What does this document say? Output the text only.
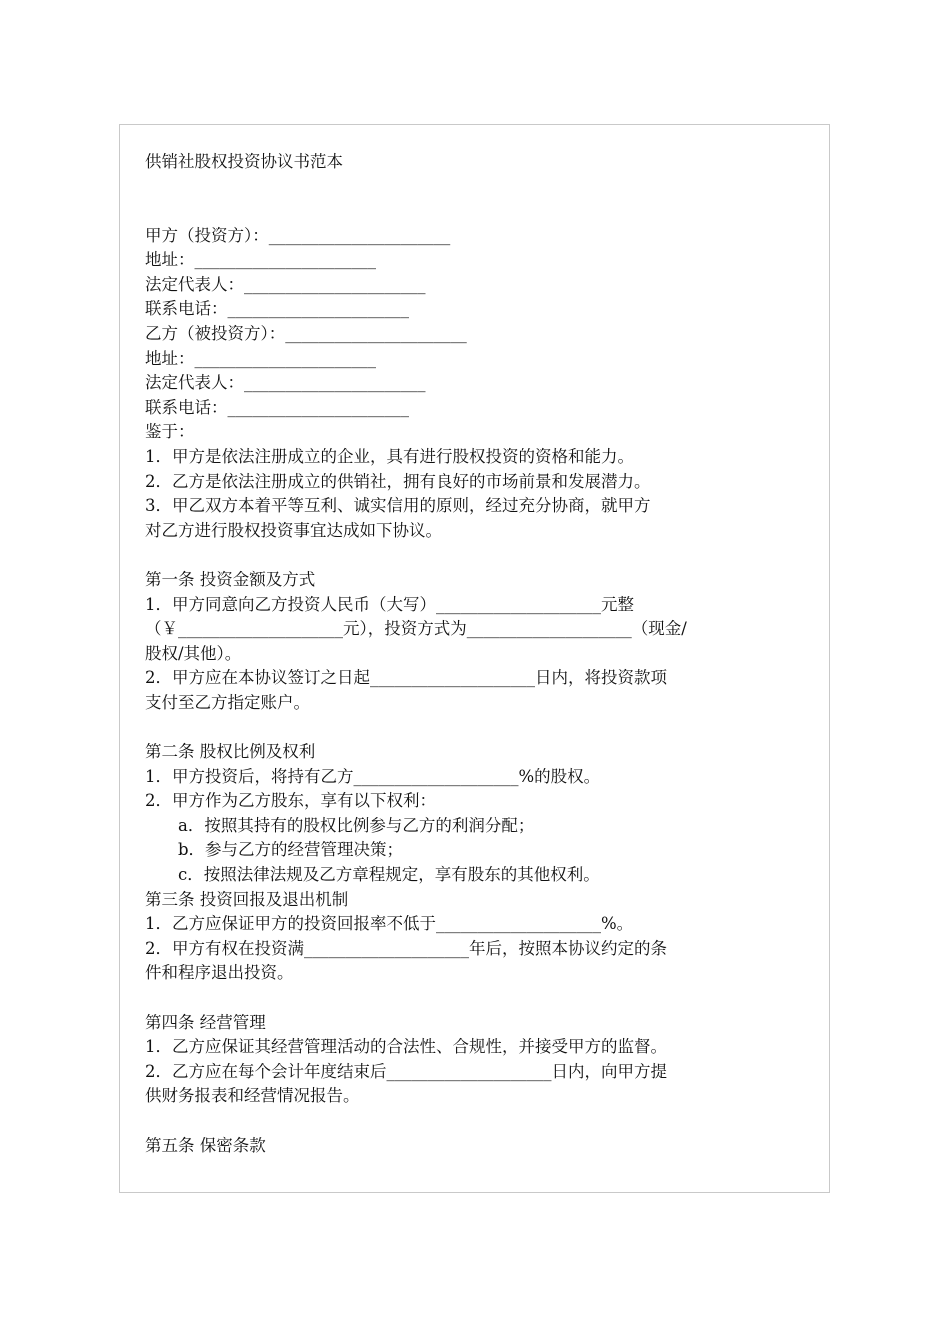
供销社股权投资协议书范本
甲方（投资方）：______________________
地址：______________________
法定代表人：______________________
联系电话：______________________
乙方（被投资方）：______________________
地址：______________________
法定代表人：______________________
联系电话：______________________
鉴于：
1．甲方是依法注册成立的企业，具有进行股权投资的资格和能力。
2．乙方是依法注册成立的供销社，拥有良好的市场前景和发展潜力。
3．甲乙双方本着平等互利、诚实信用的原则，经过充分协商，就甲方
对乙方进行股权投资事宜达成如下协议。
第一条 投资金额及方式
1．甲方同意向乙方投资人民币（大写）____________________元整
（￥____________________元），投资方式为____________________（现金/
股权/其他）。
2．甲方应在本协议签订之日起____________________日内，将投资款项
支付至乙方指定账户。
第二条 股权比例及权利
1．甲方投资后，将持有乙方____________________%的股权。
2．甲方作为乙方股东，享有以下权利：
a．按照其持有的股权比例参与乙方的利润分配；
b．参与乙方的经营管理决策；
c．按照法律法规及乙方章程规定，享有股东的其他权利。
第三条 投资回报及退出机制
1．乙方应保证甲方的投资回报率不低于____________________%。
2．甲方有权在投资满____________________年后，按照本协议约定的条
件和程序退出投资。
第四条 经营管理
1．乙方应保证其经营管理活动的合法性、合规性，并接受甲方的监督。
2．乙方应在每个会计年度结束后____________________日内，向甲方提
供财务报表和经营情况报告。
第五条 保密条款
